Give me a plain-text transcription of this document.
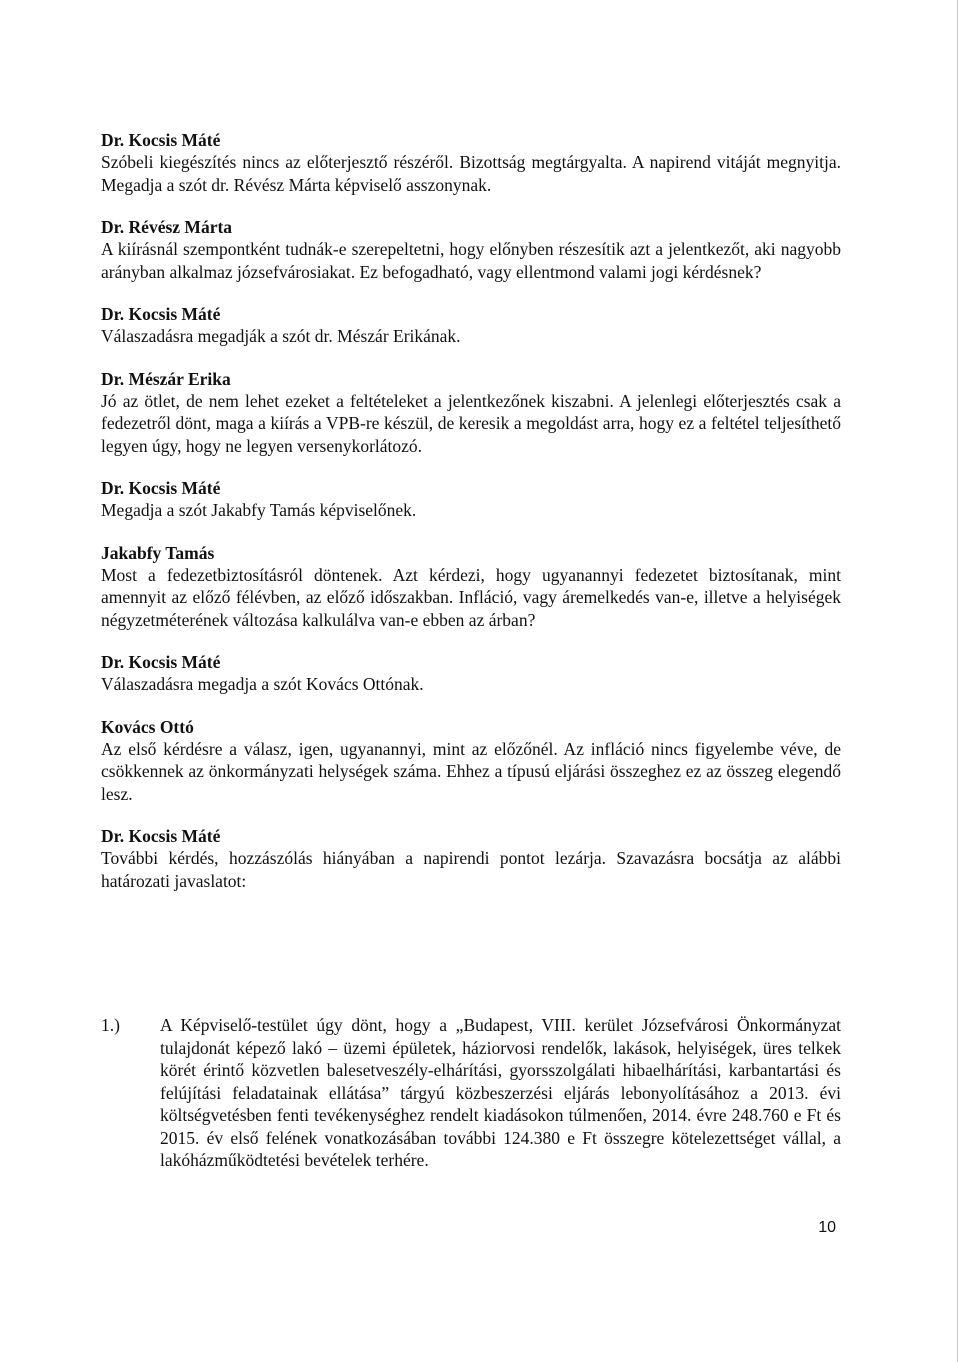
Dr. Kocsis Máté

Szóbeli kiegészítés nincs az előterjesztő részéről. Bizottság megtárgyalta. A napirend vitáját megnyitja. Megadja a szót dr. Révész Márta képviselő asszonynak.

Dr. Révész Márta

A kiírásnál szempontként tudnák-e szerepeltetni, hogy előnyben részesítik azt a jelentkezőt, aki nagyobb arányban alkalmaz józsefvárosiakat. Ez befogadható, vagy ellentmond valami jogi kérdésnek?

Dr. Kocsis Máté

Válaszadásra megadják a szót dr. Mészár Erikának.

Dr. Mészár Erika

Jó az ötlet, de nem lehet ezeket a feltételeket a jelentkezőnek kiszabni. A jelenlegi előterjesztés csak a fedezetről dönt, maga a kiírás a VPB-re készül, de keresik a megoldást arra, hogy ez a feltétel teljesíthető legyen úgy, hogy ne legyen versenykorlátozó.

Dr. Kocsis Máté

Megadja a szót Jakabfy Tamás képviselőnek.

Jakabfy Tamás

Most a fedezetbiztosításról döntenek. Azt kérdezi, hogy ugyanannyi fedezetet biztosítanak, mint amennyit az előző félévben, az előző időszakban. Infláció, vagy áremelkedés van-e, illetve a helyiségek négyzetméterének változása kalkulálva van-e ebben az árban?

Dr. Kocsis Máté

Válaszadásra megadja a szót Kovács Ottónak.

Kovács Ottó

Az első kérdésre a válasz, igen, ugyanannyi, mint az előzőnél. Az infláció nincs figyelembe véve, de csökkennek az önkormányzati helységek száma. Ehhez a típusú eljárási összeghez ez az összeg elegendő lesz.

Dr. Kocsis Máté

További kérdés, hozzászólás hiányában a napirendi pontot lezárja. Szavazásra bocsátja az alábbi határozati javaslatot:

1.)	A Képviselő-testület úgy dönt, hogy a „Budapest, VIII. kerület Józsefvárosi Önkormányzat tulajdonát képező lakó – üzemi épületek, háziorvosi rendelők, lakások, helyiségek, üres telkek körét érintő közvetlen balesetveszély-elhárítási, gyorsszolgálati hibaelhárítási, karbantartási és felújítási feladatainak ellátása” tárgyú közbeszerzési eljárás lebonyolításához a 2013. évi költségvetésben fenti tevékenységhez rendelt kiadásokon túlmenően, 2014. évre 248.760 e Ft és 2015. év első felének vonatkozásában további 124.380 e Ft összegre kötelezettséget vállal, a lakóházműködtetési bevételek terhére.
10
